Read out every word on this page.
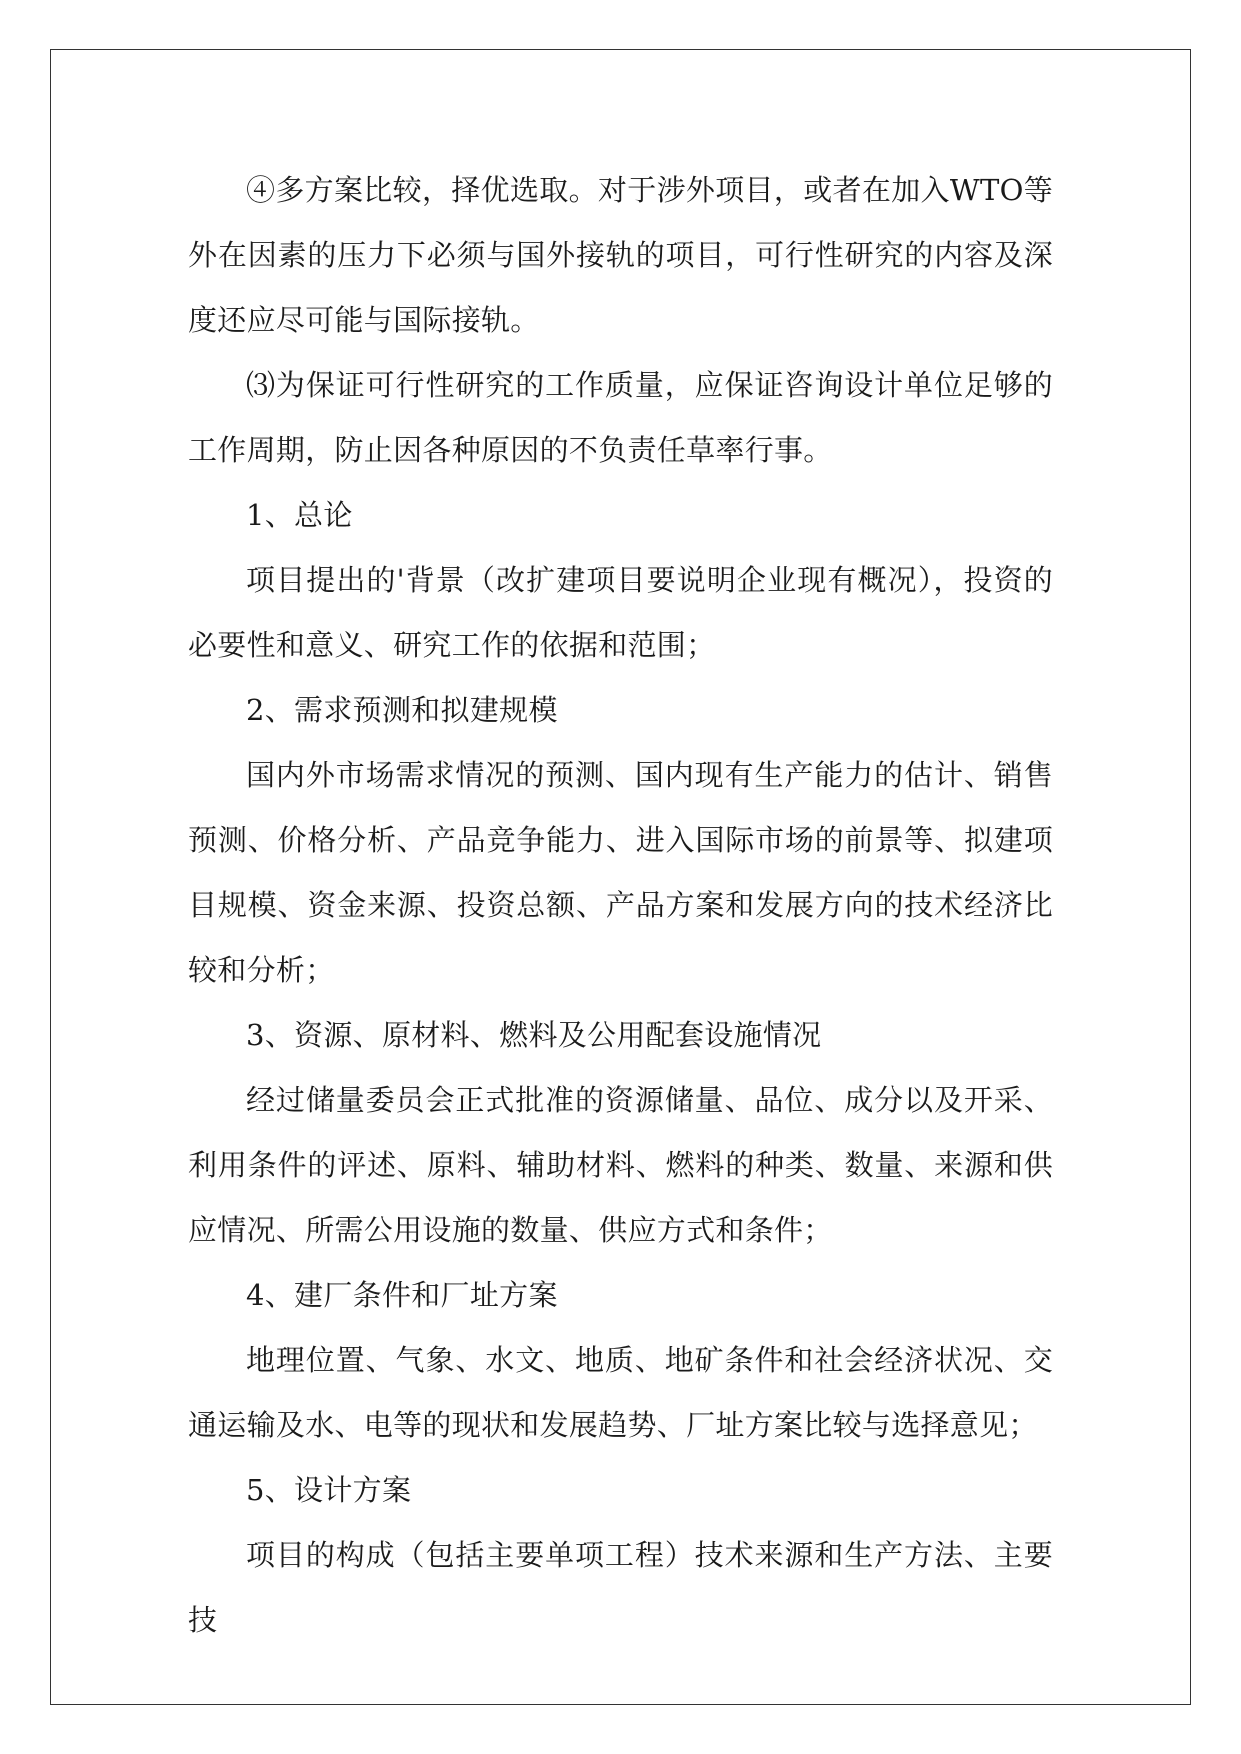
④多方案比较，择优选取。对于涉外项目，或者在加入WTO等外在因素的压力下必须与国外接轨的项目，可行性研究的内容及深度还应尽可能与国际接轨。

⑶为保证可行性研究的工作质量，应保证咨询设计单位足够的工作周期，防止因各种原因的不负责任草率行事。

1、总论

项目提出的'背景（改扩建项目要说明企业现有概况），投资的必要性和意义、研究工作的依据和范围；

2、需求预测和拟建规模

国内外市场需求情况的预测、国内现有生产能力的估计、销售预测、价格分析、产品竞争能力、进入国际市场的前景等、拟建项目规模、资金来源、投资总额、产品方案和发展方向的技术经济比较和分析；

3、资源、原材料、燃料及公用配套设施情况

经过储量委员会正式批准的资源储量、品位、成分以及开采、利用条件的评述、原料、辅助材料、燃料的种类、数量、来源和供应情况、所需公用设施的数量、供应方式和条件；

4、建厂条件和厂址方案

地理位置、气象、水文、地质、地矿条件和社会经济状况、交通运输及水、电等的现状和发展趋势、厂址方案比较与选择意见；

5、设计方案

项目的构成（包括主要单项工程）技术来源和生产方法、主要技
